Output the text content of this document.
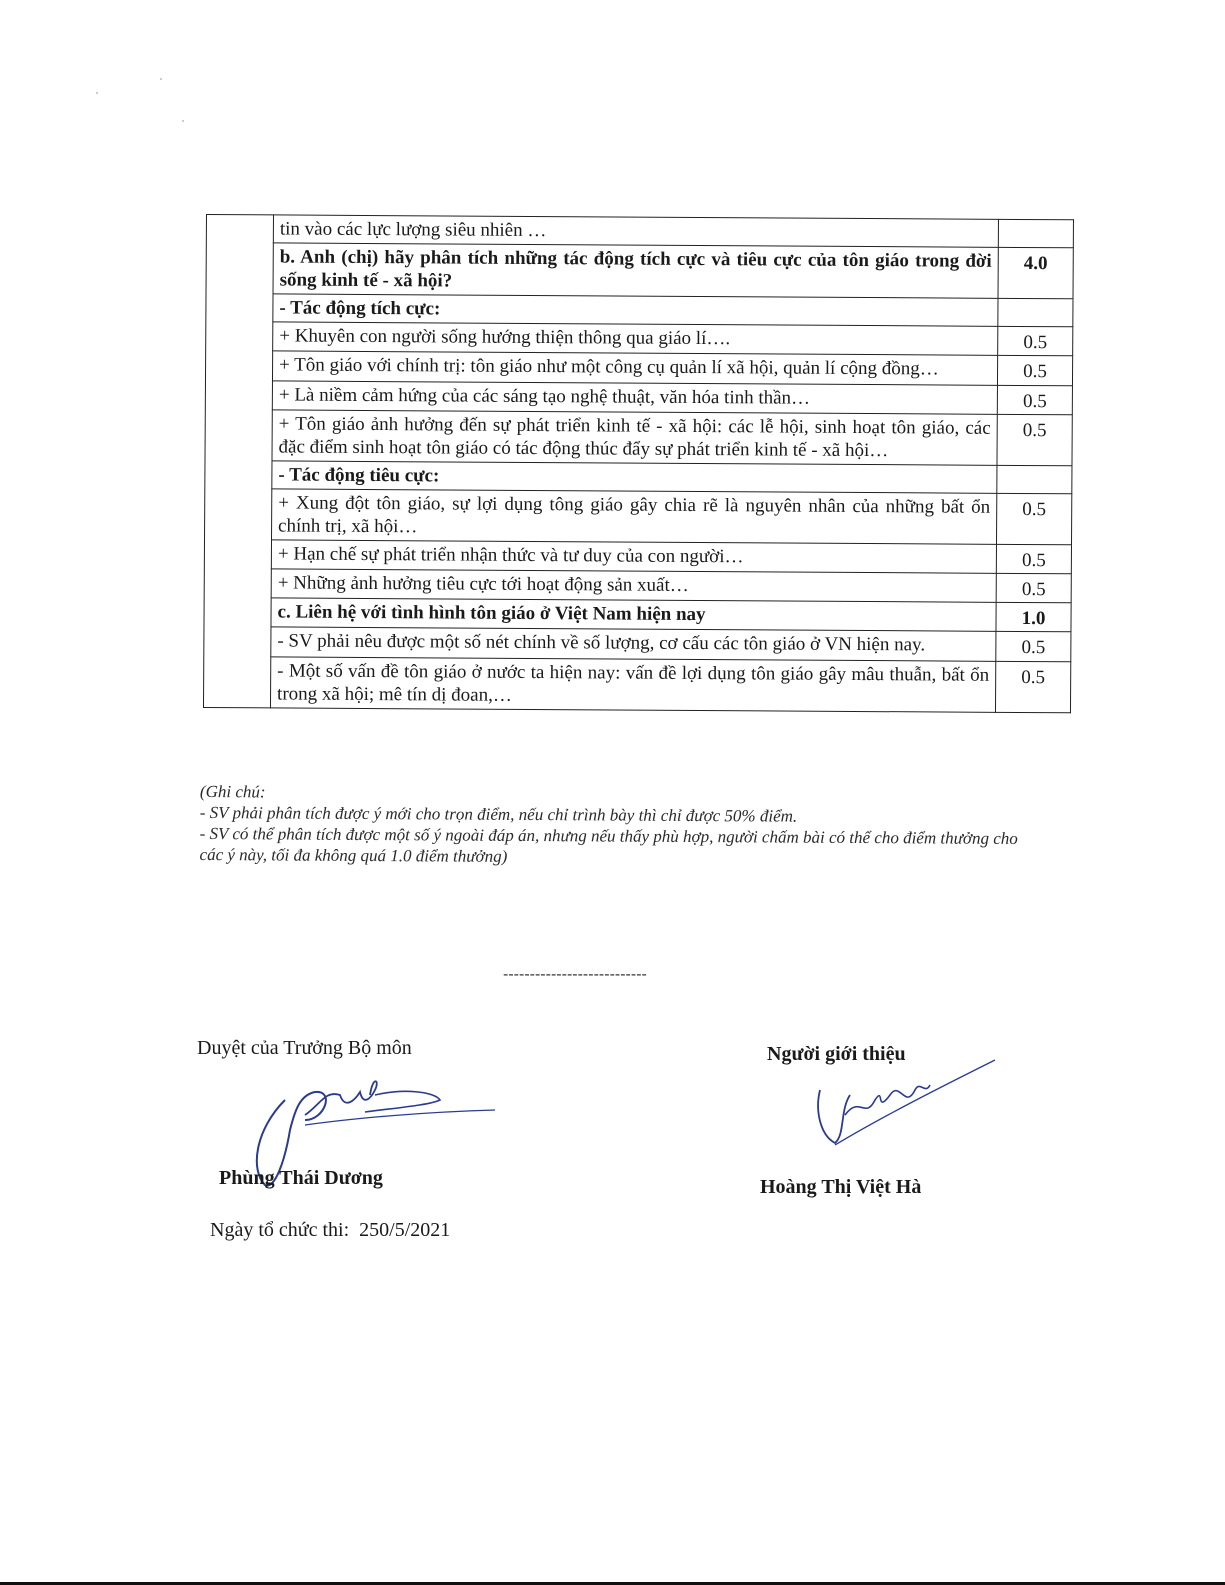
	tin vào các lực lượng siêu nhiên …	
	b. Anh (chị) hãy phân tích những tác động tích cực và tiêu cực của tôn giáo trong đời sống kinh tế - xã hội?	4.0
	- Tác động tích cực:	
	+ Khuyên con người sống hướng thiện thông qua giáo lí….	0.5
	+ Tôn giáo với chính trị: tôn giáo như một công cụ quản lí xã hội, quản lí cộng đồng…	0.5
	+ Là niềm cảm hứng của các sáng tạo nghệ thuật, văn hóa tinh thần…	0.5
	+ Tôn giáo ảnh hưởng đến sự phát triển kinh tế - xã hội: các lễ hội, sinh hoạt tôn giáo, các đặc điểm sinh hoạt tôn giáo có tác động thúc đẩy sự phát triển kinh tế - xã hội…	0.5
	- Tác động tiêu cực:	
	+ Xung đột tôn giáo, sự lợi dụng tông giáo gây chia rẽ là nguyên nhân của những bất ổn chính trị, xã hội…	0.5
	+ Hạn chế sự phát triển nhận thức và tư duy của con người…	0.5
	+ Những ảnh hưởng tiêu cực tới hoạt động sản xuất…	0.5
	c. Liên hệ với tình hình tôn giáo ở Việt Nam hiện nay	1.0
	- SV phải nêu được một số nét chính về số lượng, cơ cấu các tôn giáo ở VN hiện nay.	0.5
	- Một số vấn đề tôn giáo ở nước ta hiện nay: vấn đề lợi dụng tôn giáo gây mâu thuẫn, bất ổn trong xã hội; mê tín dị đoan,…	0.5
(Ghi chú:
- SV phải phân tích được ý mới cho trọn điểm, nếu chỉ trình bày thì chỉ được 50% điểm.
- SV có thể phân tích được một số ý ngoài đáp án, nhưng nếu thấy phù hợp, người chấm bài có thể cho điểm thưởng cho các ý này, tối đa không quá 1.0 điểm thưởng)
---------------------------
Duyệt của Trưởng Bộ môn	Người giới thiệu
Phùng Thái Dương	Hoàng Thị Việt Hà
Ngày tổ chức thi: 250/5/2021
